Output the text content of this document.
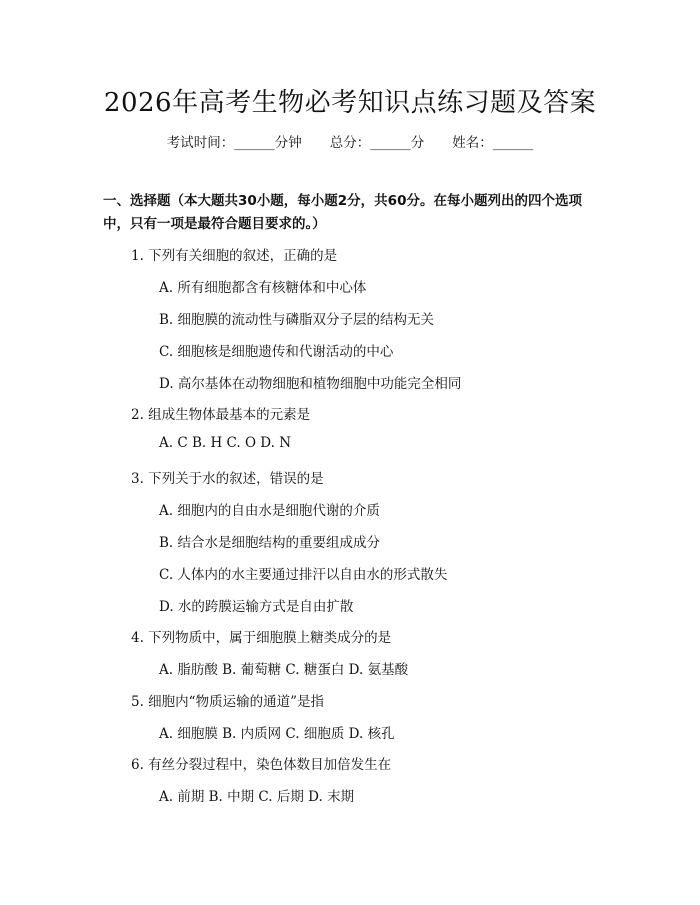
2026年高考生物必考知识点练习题及答案
考试时间：______分钟 总分：______分 姓名：______
一、选择题（本大题共30小题，每小题2分，共60分。在每小题列出的四个选项中，只有一项是最符合题目要求的。）
1. 下列有关细胞的叙述，正确的是
A. 所有细胞都含有核糖体和中心体
B. 细胞膜的流动性与磷脂双分子层的结构无关
C. 细胞核是细胞遗传和代谢活动的中心
D. 高尔基体在动物细胞和植物细胞中功能完全相同
2. 组成生物体最基本的元素是
A. C B. H C. O D. N
3. 下列关于水的叙述，错误的是
A. 细胞内的自由水是细胞代谢的介质
B. 结合水是细胞结构的重要组成成分
C. 人体内的水主要通过排汗以自由水的形式散失
D. 水的跨膜运输方式是自由扩散
4. 下列物质中，属于细胞膜上糖类成分的是
A. 脂肪酸 B. 葡萄糖 C. 糖蛋白 D. 氨基酸
5. 细胞内“物质运输的通道”是指
A. 细胞膜 B. 内质网 C. 细胞质 D. 核孔
6. 有丝分裂过程中，染色体数目加倍发生在
A. 前期 B. 中期 C. 后期 D. 末期
